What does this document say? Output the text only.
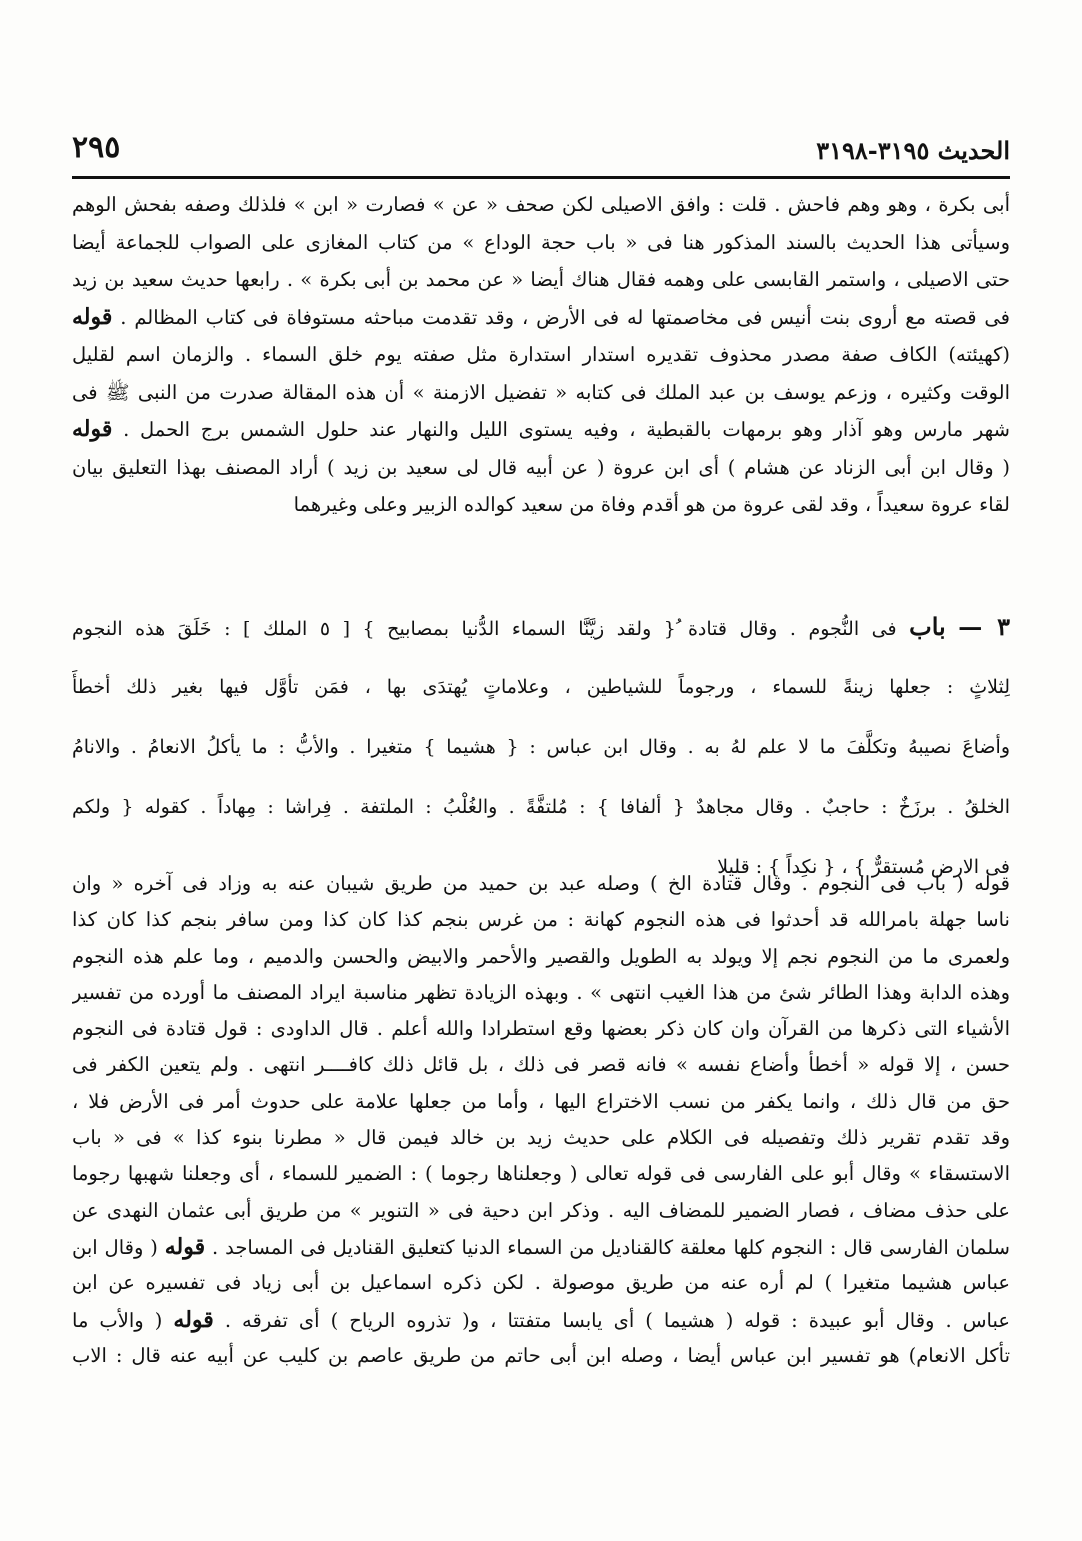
الحديث ٣١٩٥-٣١٩٨
٢٩٥
أبى بكرة ، وهو وهم فاحش . قلت : وافق الاصيلى لكن صحف « عن » فصارت « ابن » فلذلك وصفه بفحش الوهم
وسيأتى هذا الحديث بالسند المذكور هنا فى « باب حجة الوداع » من كتاب المغازى على الصواب للجماعة أيضا
حتى الاصيلى ، واستمر القابسى على وهمه فقال هناك أيضا « عن محمد بن أبى بكرة » . رابعها حديث سعيد بن زيد
فى قصته مع أروى بنت أنيس فى مخاصمتها له فى الأرض ، وقد تقدمت مباحثه مستوفاة فى كتاب المظالم . قوله
(كهيئته) الكاف صفة مصدر محذوف تقديره استدار استدارة مثل صفته يوم خلق السماء . والزمان اسم لقليل
الوقت وكثيره ، وزعم يوسف بن عبد الملك فى كتابه « تفضيل الازمنة » أن هذه المقالة صدرت من النبى ﷺ فى
شهر مارس وهو آذار وهو برمهات بالقبطية ، وفيه يستوى الليل والنهار عند حلول الشمس برج الحمل . قوله
( وقال ابن أبى الزناد عن هشام ) أى ابن عروة ( عن أبيه قال لى سعيد بن زيد ) أراد المصنف بهذا التعليق بيان
لقاء عروة سعيداً ، وقد لقى عروة من هو أقدم وفاة من سعيد كوالده الزبير وعلى وغيرهما
٣ — باب فى النُّجوم . وقال قتادة ُ{ ولقد زيَّنَّا السماء الدُّنيا بمصابيح } [ ٥ الملك ] : خَلَقَ هذه النجوم
لِثلاثٍ : جعلها زينةً للسماء ، ورجوماً للشياطين ، وعلاماتٍ يُهتدَى بها ، فمَن تأوَّل فيها بغير ذلك أخطأَ
وأضاعَ نصيبهُ وتكلَّفَ ما لا علم لهُ به . وقال ابن عباس : { هشيما } متغيرا . والأبُّ : ما يأكلُ الانعامُ . والانامُ
الخلقُ . برزَخٌ : حاجبٌ . وقال مجاهدٌ { ألفافا } : مُلتفَّةً . والغُلْبُ : الملتفة . فِراشا : مِهاداً . كقوله { ولكم
فى الارض مُستقرٌّ } ، { نكِداً } : قليلا
قوله ( باب فى النجوم . وقال قتادة الخ ) وصله عبد بن حميد من طريق شيبان عنه به وزاد فى آخره « وان
ناسا جهلة بامرالله قد أحدثوا فى هذه النجوم كهانة : من غرس بنجم كذا كان كذا ومن سافر بنجم كذا كان كذا
ولعمرى ما من النجوم نجم إلا ويولد به الطويل والقصير والأحمر والابيض والحسن والدميم ، وما علم هذه النجوم
وهذه الدابة وهذا الطائر شئ من هذا الغيب انتهى » . وبهذه الزيادة تظهر مناسبة ايراد المصنف ما أورده من تفسير
الأشياء التى ذكرها من القرآن وان كان ذكر بعضها وقع استطرادا والله أعلم . قال الداودى : قول قتادة فى النجوم
حسن ، إلا قوله « أخطأ وأضاع نفسه » فانه قصر فى ذلك ، بل قائل ذلك كافــــر انتهى . ولم يتعين الكفر فى
حق من قال ذلك ، وانما يكفر من نسب الاختراع اليها ، وأما من جعلها علامة على حدوث أمر فى الأرض فلا ،
وقد تقدم تقرير ذلك وتفصيله فى الكلام على حديث زيد بن خالد فيمن قال « مطرنا بنوء كذا » فى « باب
الاستسقاء » وقال أبو على الفارسى فى قوله تعالى ( وجعلناها رجوما ) : الضمير للسماء ، أى وجعلنا شهبها رجوما
على حذف مضاف ، فصار الضمير للمضاف اليه . وذكر ابن دحية فى « التنوير » من طريق أبى عثمان النهدى عن
سلمان الفارسى قال : النجوم كلها معلقة كالقناديل من السماء الدنيا كتعليق القناديل فى المساجد . قوله ( وقال ابن
عباس هشيما متغيرا ) لم أره عنه من طريق موصولة . لكن ذكره اسماعيل بن أبى زياد فى تفسيره عن ابن
عباس . وقال أبو عبيدة : قوله ( هشيما ) أى يابسا متفتتا ، و( تذروه الرياح ) أى تفرقه . قوله ( والأب ما
تأكل الانعام) هو تفسير ابن عباس أيضا ، وصله ابن أبى حاتم من طريق عاصم بن كليب عن أبيه عنه قال : الاب
